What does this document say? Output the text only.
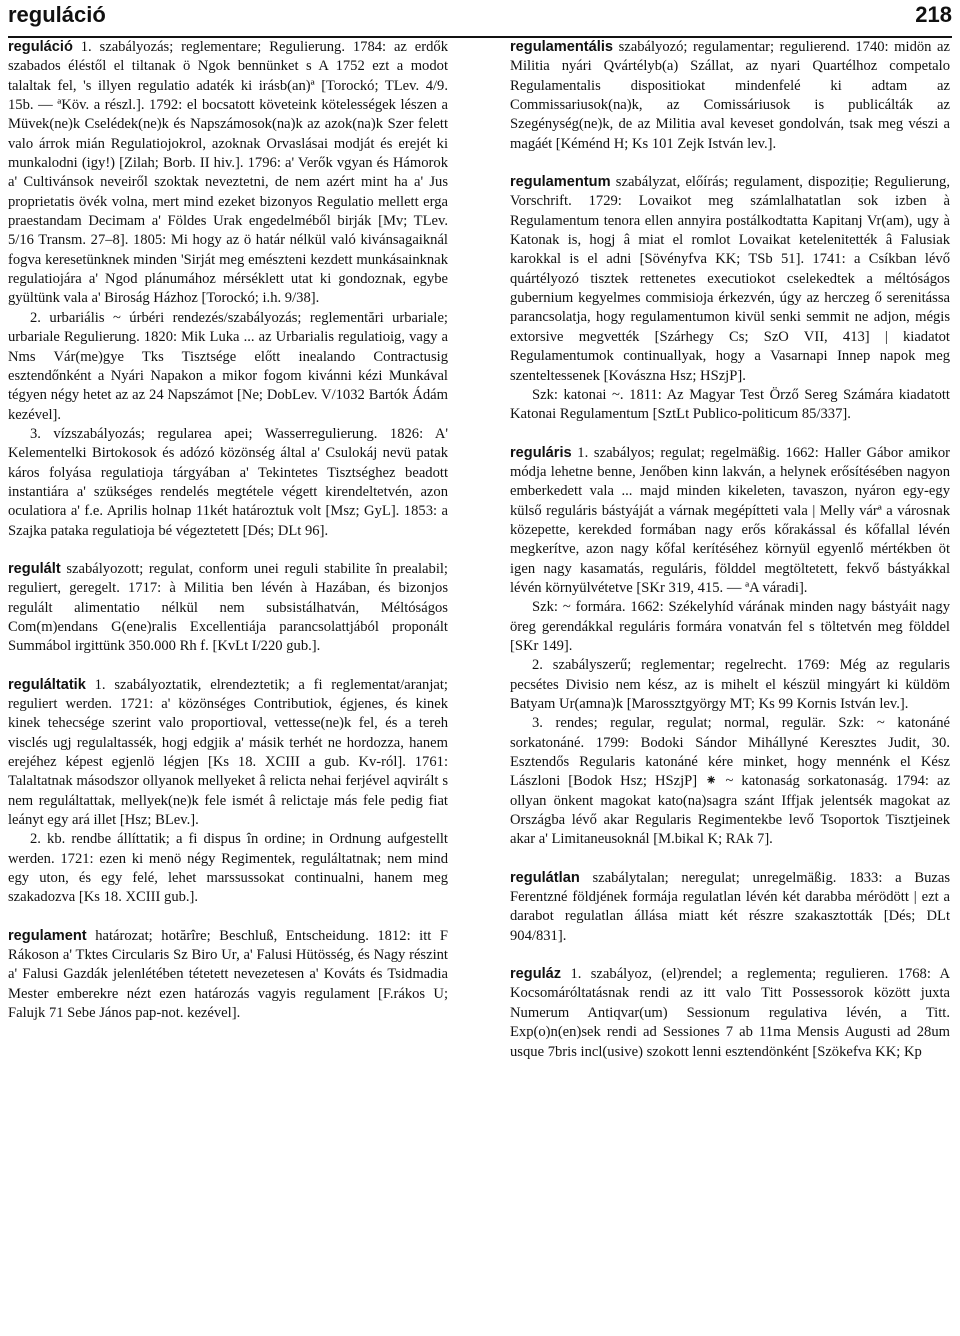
reguláció	218

reguláció 1. szabályozás; reglementare; Regulierung. 1784: az erdők szabados éléstől el tiltanak ö Ngok bennünket s A 1752 ezt a modot talaltak fel, 's illyen regulatio adaték ki irásb(an)ª [Torockó; TLev. 4/9. 15b. — ªKöv. a részl.]. 1792: el bocsatott követeink kötelességek lészen a Müvek(ne)k Cselédek(ne)k és Napszámosok(na)k az azok(na)k Szer felett valo árrok mián Regulatiojokrol, azoknak Orvaslásai modját és erejét ki munkalodni (igy!) [Zilah; Borb. II hiv.]. 1796: a' Verők vgyan és Hámorok a' Cultivánsok neveiről szoktak neveztetni, de nem azért mint ha a' Jus proprietatis övék volna, mert mind ezeket bizonyos Regulatio mellett erga praestandam Decimam a' Földes Urak engedelméből birják [Mv; TLev. 5/16 Transm. 27–8]. 1805: Mi hogy az ö határ nélkül való kivánsagaiknál fogva keresetünknek minden 'Sirját meg emészteni kezdett munkásainknak regulatiojára a' Ngod plánumához mérséklett utat ki gondoznak, egybe gyültünk vala a' Biroság Házhoz [Torockó; i.h. 9/38].

2. urbariális ~ úrbéri rendezés/szabályozás; reglementări urbariale; urbariale Regulierung. 1820: Mik Luka ... az Urbarialis regulatioig, vagy a Nms Vár(me)gye Tks Tisztsége előtt inealando Contractusig esztendőnként a Nyári Napakon a mikor fogom kivánni kézi Munkával tégyen négy hetet az az 24 Napszámot [Ne; DobLev. V/1032 Bartók Ádám kezével].

3. vízszabályozás; regularea apei; Wasserregulierung. 1826: A' Kelementelki Birtokosok és adózó közönség által a' Csulokáj nevü patak káros folyása regulatioja tárgyában a' Tekintetes Tisztséghez beadott instantiára a' szükséges rendelés megtétele végett kirendeltetvén, azon oculatiora a' f.e. Aprilis holnap 11két határoztuk volt [Msz; GyL]. 1853: a Szajka pataka regulatioja bé végeztetett [Dés; DLt 96].

regulált szabályozott; regulat, conform unei reguli stabilite în prealabil; reguliert, geregelt. 1717: à Militia ben lévén à Hazában, és bizonjos regulált alimentatio nélkül nem subsistálhatván, Méltóságos Com(m)endans G(ene)ralis Excellentiája parancsolattjából proponált Summábol irgittünk 350.000 Rh f. [KvLt I/220 gub.].

reguláltatik 1. szabályoztatik, elrendeztetik; a fi reglementat/aranjat; reguliert werden. 1721: a' közönséges Contributiok, égjenes, és kinek kinek tehecsége szerint valo proportioval, vettesse(ne)k fel, és a tereh visclés ugj regulaltassék, hogj edgjik a' másik terhét ne hordozza, hanem erejéhez képest egjenlö légjen [Ks 18. XCIII a gub. Kv-ról]. 1761: Talaltatnak másodszor ollyanok mellyeket â relicta nehai ferjével aqvirált s nem reguláltattak, mellyek(ne)k fele ismét â relictaje más fele pedig fiat leányt egy ará illet [Hsz; BLev.].

2. kb. rendbe állíttatik; a fi dispus în ordine; in Ordnung aufgestellt werden. 1721: ezen ki menö négy Regimentek, reguláltatnak; nem mind egy uton, és egy felé, lehet marssussokat continualni, hanem meg szakadozva [Ks 18. XCIII gub.].

regulament határozat; hotărîre; Beschluß, Entscheidung. 1812: itt F Rákoson a' Tktes Circularis Sz Biro Ur, a' Falusi Hütösség, és Nagy részint a' Falusi Gazdák jelenlétében tétetett nevezetesen a' Kováts és Tsidmadia Mester emberekre nézt ezen határozás vagyis regulament [F.rákos U; Falujk 71 Sebe János pap-not. kezével].

regulamentális szabályozó; regulamentar; regulierend. 1740: midön az Militia nyári Qvártélyb(a) Szállat, az nyari Quartélhoz competalo Regulamentalis dispositiokat mindenfelé ki adtam az Commissariusok(na)k, az Comissáriusok is publicálták az Szegénység(ne)k, de az Militia aval keveset gondolván, tsak meg vészi a magáét [Kéménd H; Ks 101 Zejk István lev.].

regulamentum szabályzat, előírás; regulament, dispoziție; Regulierung, Vorschrift. 1729: Lovaikot meg számlalhatatlan sok izben à Regulamentum tenora ellen annyira postálkodtatta Kapitanj Vr(am), ugy à Katonak is, hogj â miat el romlot Lovaikat ketelenitették â Falusiak karokkal is el adni [Sövényfva KK; TSb 51]. 1741: a Csíkban lévő quártélyozó tisztek rettenetes executiokot cselekedtek a méltóságos gubernium kegyelmes commisioja érkezvén, úgy az herczeg ő serenitássa parancsolatja, hogy regulamentumon kivül senki semmit ne adjon, mégis extorsive megvették [Szárhegy Cs; SzO VII, 413] | kiadatot Regulamentumok continuallyak, hogy a Vasarnapi Innep napok meg szenteltessenek [Kovászna Hsz; HSzjP].

Szk: katonai ~. 1811: Az Magyar Test Örző Sereg Számára kiadatott Katonai Regulamentum [SztLt Publico-politicum 85/337].

reguláris 1. szabályos; regulat; regelmäßig. 1662: Haller Gábor amikor módja lehetne benne, Jenőben kinn lakván, a helynek erősítésében nagyon emberkedett vala ... majd minden kikeleten, tavaszon, nyáron egy-egy külső reguláris bástyáját a várnak megépítteti vala | Melly várª a városnak közepette, kerekded formában nagy erős kőrakással és kőfallal lévén megkerítve, azon nagy kőfal kerítéséhez környül egyenlő mértékben öt igen nagy kasamatás, reguláris, földdel megtöltetett, fekvő bástyákkal lévén környülvétetve [SKr 319, 415. — ªA váradi].

Szk: ~ formára. 1662: Székelyhíd várának minden nagy bástyáit nagy öreg gerendákkal reguláris formára vonatván fel s töltetvén meg földdel [SKr 149].

2. szabályszerű; reglementar; regelrecht. 1769: Még az regularis pecsétes Divisio nem kész, az is mihelt el készül mingyárt ki küldöm Batyam Ur(amna)k [Marossztgyörgy MT; Ks 99 Kornis István lev.].

3. rendes; regular, regulat; normal, regulär. Szk: ~ katonáné sorkatonáné. 1799: Bodoki Sándor Mihállyné Keresztes Judit, 30. Esztendős Regularis katonáné kére minket, hogy mennénk el Kész Lászloni [Bodok Hsz; HSzjP] ⁕ ~ katonaság sorkatonaság. 1794: az ollyan önkent magokat kato(na)sagra szánt Iffjak jelentsék magokat az Országba lévő akar Regularis Regimentekbe levő Tsoportok Tisztjeinek akar a' Limitaneusoknál [M.bikal K; RAk 7].

regulátlan szabálytalan; neregulat; unregelmäßig. 1833: a Buzas Ferentzné földjének formája regulatlan lévén két darabba mérödött | ezt a darabot regulatlan állása miatt két részre szakasztották [Dés; DLt 904/831].

reguláz 1. szabályoz, (el)rendel; a reglementa; regulieren. 1768: A Kocsomáróltatásnak rendi az itt valo Titt Possessorok között juxta Numerum Antiqvar(um) Sessionum regulativa lévén, a Titt. Exp(o)n(en)sek rendi ad Sessiones 7 ab 11ma Mensis Augusti ad 28um usque 7bris incl(usive) szokott lenni esztendönként [Szökefva KK; Kp
